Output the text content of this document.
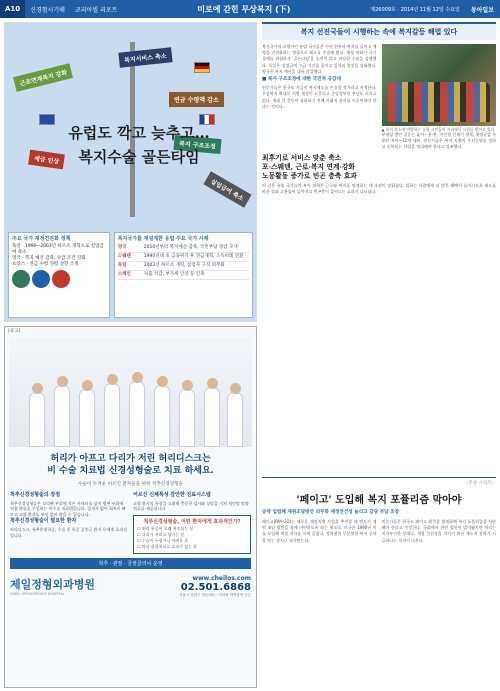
A10	신경험시기해	코리아빌 리포트	미로에 갇힌 무상복지 (下)	제26009호 · 2014년 11월 12일 수요일	동아일보
근로연계복지 강화
복지서비스 축소
연금 수령액 감소
세금 인상
복지 구조조정
실업급여 축소
유럽도 깍고 늦추고…
복지수술 골든타임
주요 국가 재정건전화 정책
독일 · 1990~2003년 하르츠 개혁으로 실업급여 축소
영국 · 복지 예산 감축, 수급 조건 강화
프랑스 · 연금 수령 연령 상향 조정
복지국가를 재설계한 유럽 주요 국가 사례
영국	2010년부터 복지예산 감축, 국민부담 경감 모색
스웨덴	1990년대 초 금융위기 후 연금개혁, 소득비례 전환
독일	2003년 하르츠 개혁, 실업자 구직 의무화
스페인	지출 삭감, 부가세 인상 등 긴축
복지 선진국들이 시행하는 속에 복지갈등 해법 있다

복지국가의 모델이던 유럽 국가들은 수년 전부터 복지를 줄이고 재정을 건전화하는 방향으로 제도를 손질해 왔다. 재정 악화가 국가 경제를 위협하자 '골든타임'을 놓치지 않고 과감한 수술을 감행했다. 독일은 실업급여 수급 기간을 줄이고 일자리 알선을 강화했다. 영국은 복지 예산을 대폭 삭감했다.

■ 복지 구조조정에 대한 국민적 공감대

전문가들은 한국도 지금이 복지제도를 손질할 적기라고 지적한다. 무상복지 확대로 지방 재정이 고갈되고 중앙정부의 부담도 커지고 있다. 세대 간 갈등이 심화되기 전에 사회적 합의를 이끌어내야 한다는 것이다.

▲ 복지 축소에 반발하는 유럽 시민들이 거리에서 시위를 벌이고 있다.

부정당 쌓인 질문는 늦어 · 용·봉, 이민정 신제기 개혁, 재정균감 사용인 차단~11개 대비. 전문가들은 복지 지출의 우선순위를 정하고 중복되는 사업을 정리해야 한다고 강조했다.

최후기로 서비스 맞춘 축소
포·스웨덴, 근로·복지 연계·강화
노동활동 증가로 빈곤 층축 효과

이 같은 유럽 국가들의 복지 개혁은 근로와 복지를 연계하는 데 초점이 맞춰졌다. 일하는 사람에게 더 많은 혜택이 돌아가도록 제도를 바꾼 결과 고용률이 높아지고 빈곤층이 줄어드는 효과가 나타났다.

〈무상 시리즈〉
'페이고' 도입해 복지 포퓰리즘 막아야
공약 입법해 재원조달방안 의무화 재정전건성 늘리고 감당 부담 조장

페이고(PAY-GO)는 새로운 재정지출 사업을 추진할 때 반드시 재원 조달 방안을 함께 마련하도록 하는 제도다. 미국은 1990년 이를 도입해 재정 적자를 크게 줄였다. 정치권의 무분별한 복지 공약을 막는 장치로 평가받는다.

전문가들은 한국도 페이고 원칙을 법제화해 복지 포퓰리즘을 차단해야 한다고 주장한다. 국회에서 관련 법안이 발의됐지만 처리는 지지부진한 상태다. 재정 건전성을 지키기 위한 제도적 장치가 시급하다는 지적이 나온다.

[광고]
허리가 아프고 다리가 저린 허리디스크는
비 수술 치료법 신경성형술로 치료 하세요.
수술이 두려운 어르신 환자들을 위한 척추신경성형술
척추신경성형술의 장점

척추신경성형술은 꼬리뼈 부위에 작은 카테터를 넣어 병변 부위에 직접 약물을 주입하는 비수술 치료법입니다. 절개가 없어 회복이 빠르고 고령 환자도 부담 없이 받을 수 있습니다.

척추신경성형술이 필요한 환자

허리디스크, 척추관협착증, 수술 후 통증 증후군 환자 등에게 효과적입니다.

어르신 신체특성 감안한 진료시스템

고령 환자의 특성을 고려해 충분한 검사와 상담을 거쳐 개인별 맞춤 치료를 제공합니다.

척추신경성형술, 어떤 환자에게 효과적인가?
☐ 허리 통증이 오래 지속되는 분
☐ 다리가 저리고 당기는 분
☐ 수술이 두렵거나 어려운 분
☐ 약물·물리치료로 효과가 없는 분
척추 · 관절 · 골절클리닉 운영
제일정형외과병원
CHEIL ORTHOPEDICS HOSPITAL
www.cheilos.com
02.501.6868
서울시 강남구 영동대로 · 지하철 학여울역 인근
